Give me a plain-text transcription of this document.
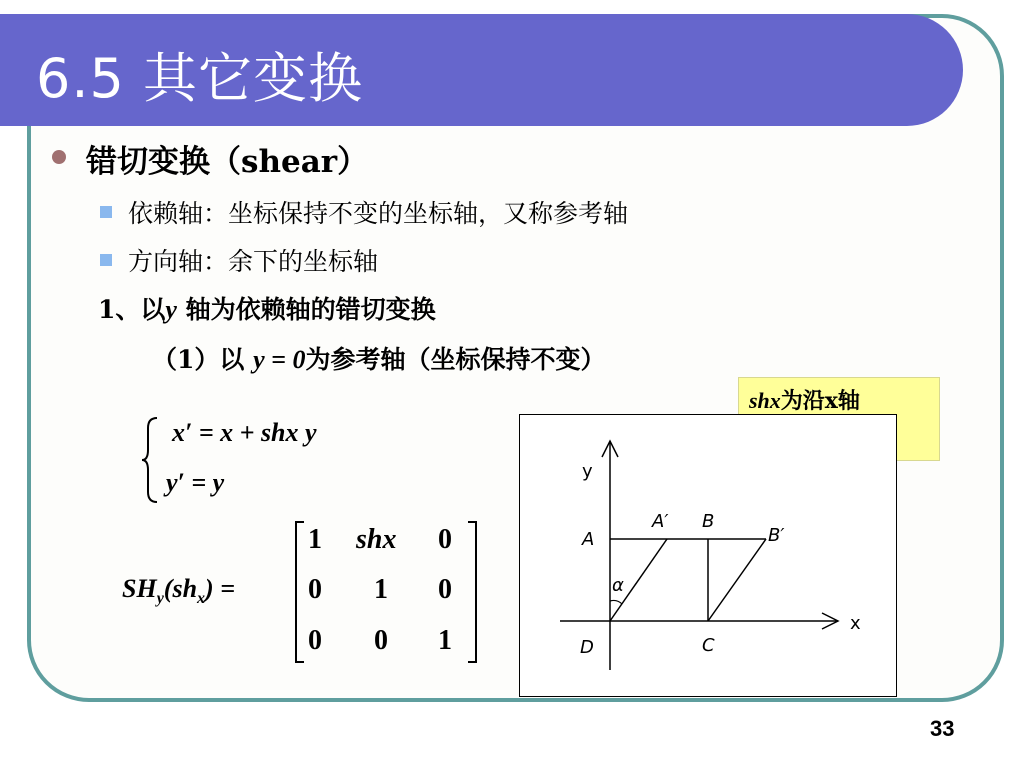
6.5 其它变换
错切变换（shear）
依赖轴：坐标保持不变的坐标轴，又称参考轴
方向轴：余下的坐标轴
1、以y 轴为依赖轴的错切变换
（1）以 y = 0为参考轴（坐标保持不变）
shx为沿x轴

x′ = x + shx y
y′ = y
$SH_y(sh_x)$ =
1 shx 0
0 1 0
0 0 1
y
x
α
A
A′ B
B′
C
D
33
